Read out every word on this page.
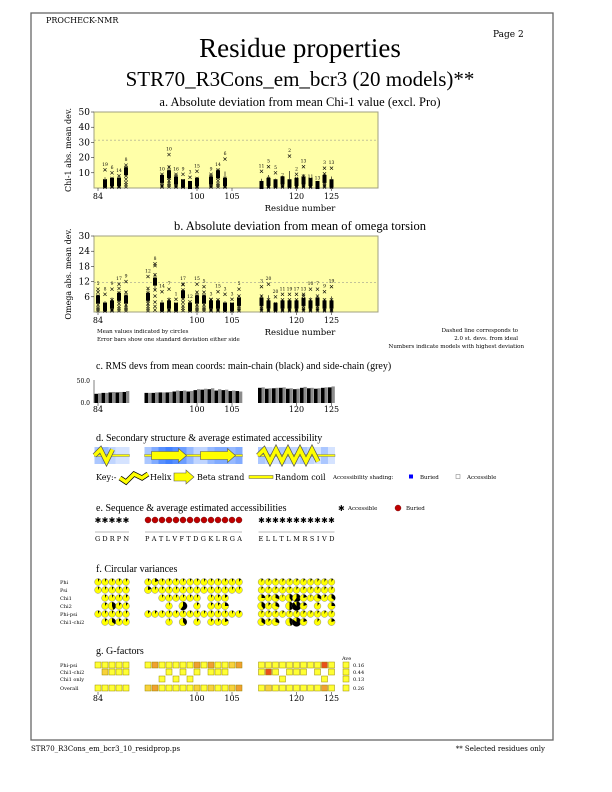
PROCHECK-NMR
Page 2
Residue properties
STR70_R3Cons_em_bcr3 (20 models)**
a. Absolute deviation from mean Chi-1 value (excl. Pro)
Chi-1 abs. mean dev.
Residue number
50
40
30
20
10
19
6
14
8
10
10
16 9
3
15
9
14
6
11
5
5
2
2
2
13
11 13
3 13
84	100 105	120 125
b. Absolute deviation from mean of omega torsion
Omega abs. mean dev.
Residue number
Mean values indicated by circles
Error bars show one standard deviation either side
Dashed line corresponds to
2.0 st. devs. from ideal
Numbers indicate models with highest deviation
30
24
18
12
6
5
8
9
17
9
12
8
14
7
1
17
12
15
5
3
15
3
3
5
3
20
20
11 19 17 13
10 7
9
19
84	100 105	120 125
c. RMS devs from mean coords: main-chain (black) and side-chain (grey)
50.0
0.0
84	100 105	120 125
d. Secondary structure & average estimated accessibility
Key:-	Helix	Beta strand	Random coil Accessibility shading:	Buried	Accessible
e. Sequence & average estimated accessibilities	✱ Accessible	Buried
✱ ✱ ✱ ✱ ✱	✱ ✱ ✱ ✱ ✱ ✱ ✱ ✱ ✱ ✱ ✱
G D R P N P A T L V F T D G K L R G A	E L L T L M R S I V D
f. Circular variances
Phi
Psi
Chi1
Chi2
Phi-psi
Chi1-chi2
g. G-factors
Ave
Phi-psi	0.16
Chi1-chi2	0.44
Chi1 only	0.13
Overall	0.26
84	100 105	120 125
STR70_R3Cons_em_bcr3_10_residprop.ps	** Selected residues only
